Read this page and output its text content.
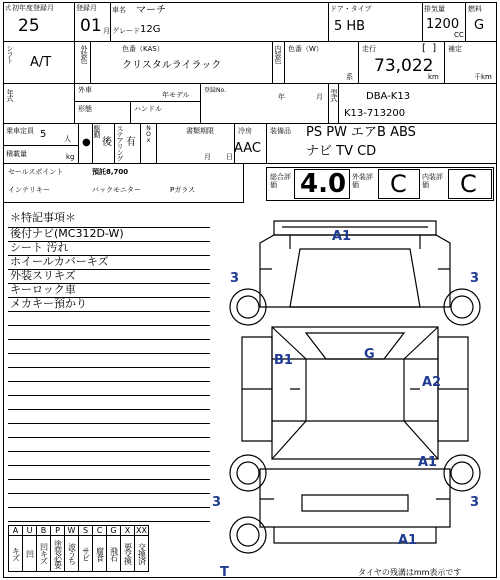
式 初年度登録月
25
登録月
01 月
車名 マーチ
グレード 12G
ドア・タイプ
5 HB
排気量
1200
CC
燃料
G
シフト A/T	外装色	色番（KAS）
クリスタルライラック
内装色 色番（W）
系
走行	[  ]
73,022
km
補定
千km
年式	外車
年モデル
形態	ハンドル
登録No.
年	月 型式	DBA-K13
K13-713200
乗車定員 5	人
積載量	kg
●
駆動
後 ステアリング 有 NOx	書類期限
月 日
冷房
AAC
装備品 PS PW エアB ABS
ナビ TV CD
セールスポイント	預託8,700
インテリキー	バックモニター	Pガラス
総合評価 4.0 外装評価	C 内装評価	C
＊特記事項＊
後付ナビ(MC312D-W)
シート 汚れ
ホイールカバーキズ
外装スリキズ
キーロック車
メカキー預かり
A	U	B	P	W	S	C	G	X	XX
キズ	凹	凹キズ	塗装必要	波うち	サビ	腐食	飛石	要交換	交換済
A1
3	3
B1	G
A2
A1
3	3
A1
T	タイヤの残溝はmm表示です
